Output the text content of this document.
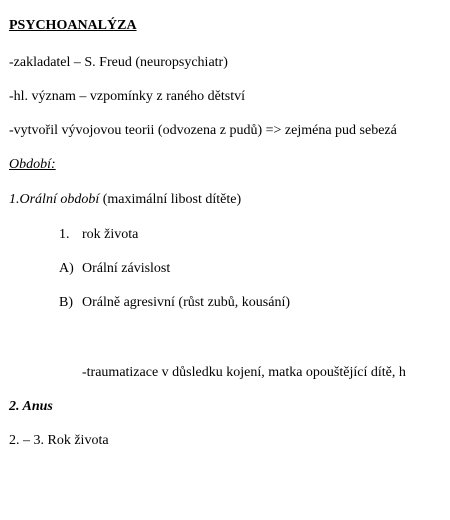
PSYCHOANALÝZA
-zakladatel – S. Freud (neuropsychiatr)
-hl. význam – vzpomínky z raného dětství
-vytvořil vývojovou teorii (odvozena z pudů) => zejména pud sebezá
Období:
1.Orální období (maximální libost dítěte)
1. rok života
A) Orální závislost
B) Orálně agresivní (růst zubů, kousání)
-traumatizace v důsledku kojení, matka opouštějící dítě, h
2. Anus
2. – 3. Rok života
